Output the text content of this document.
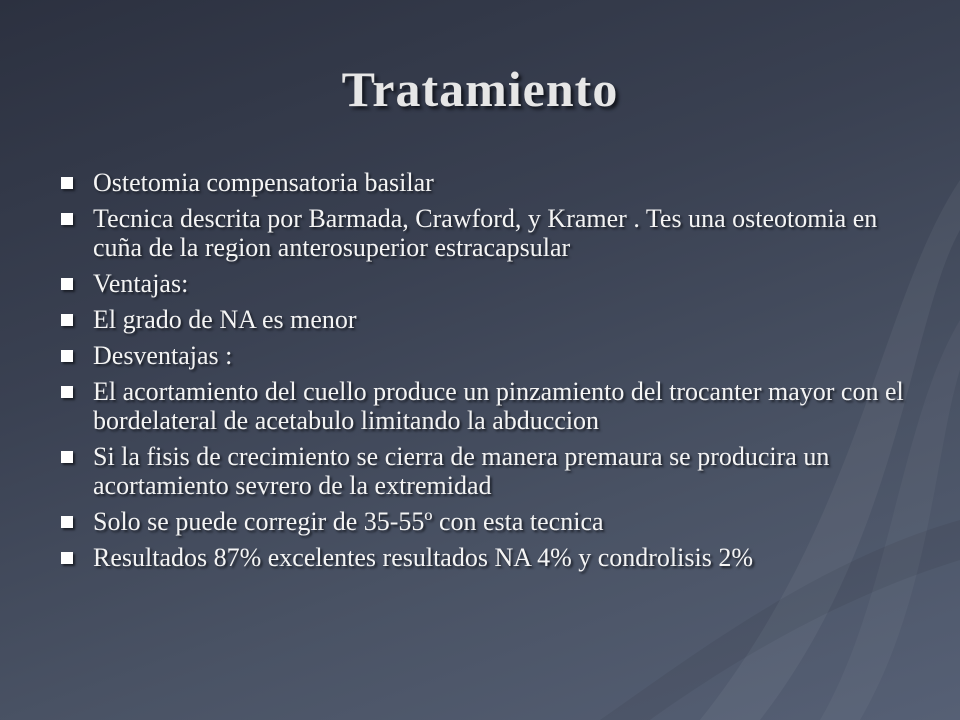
Tratamiento
Ostetomia compensatoria basilar
Tecnica descrita por Barmada, Crawford, y Kramer . Tes una osteotomia en cuña de la region anterosuperior estracapsular
Ventajas:
El grado de NA es menor
Desventajas :
El acortamiento del cuello produce un pinzamiento del trocanter mayor con el bordelateral de acetabulo limitando la abduccion
Si la fisis de crecimiento se cierra de manera premaura se producira un acortamiento sevrero de la extremidad
Solo se puede corregir de 35-55º con esta tecnica
Resultados 87% excelentes resultados NA 4% y condrolisis 2%
